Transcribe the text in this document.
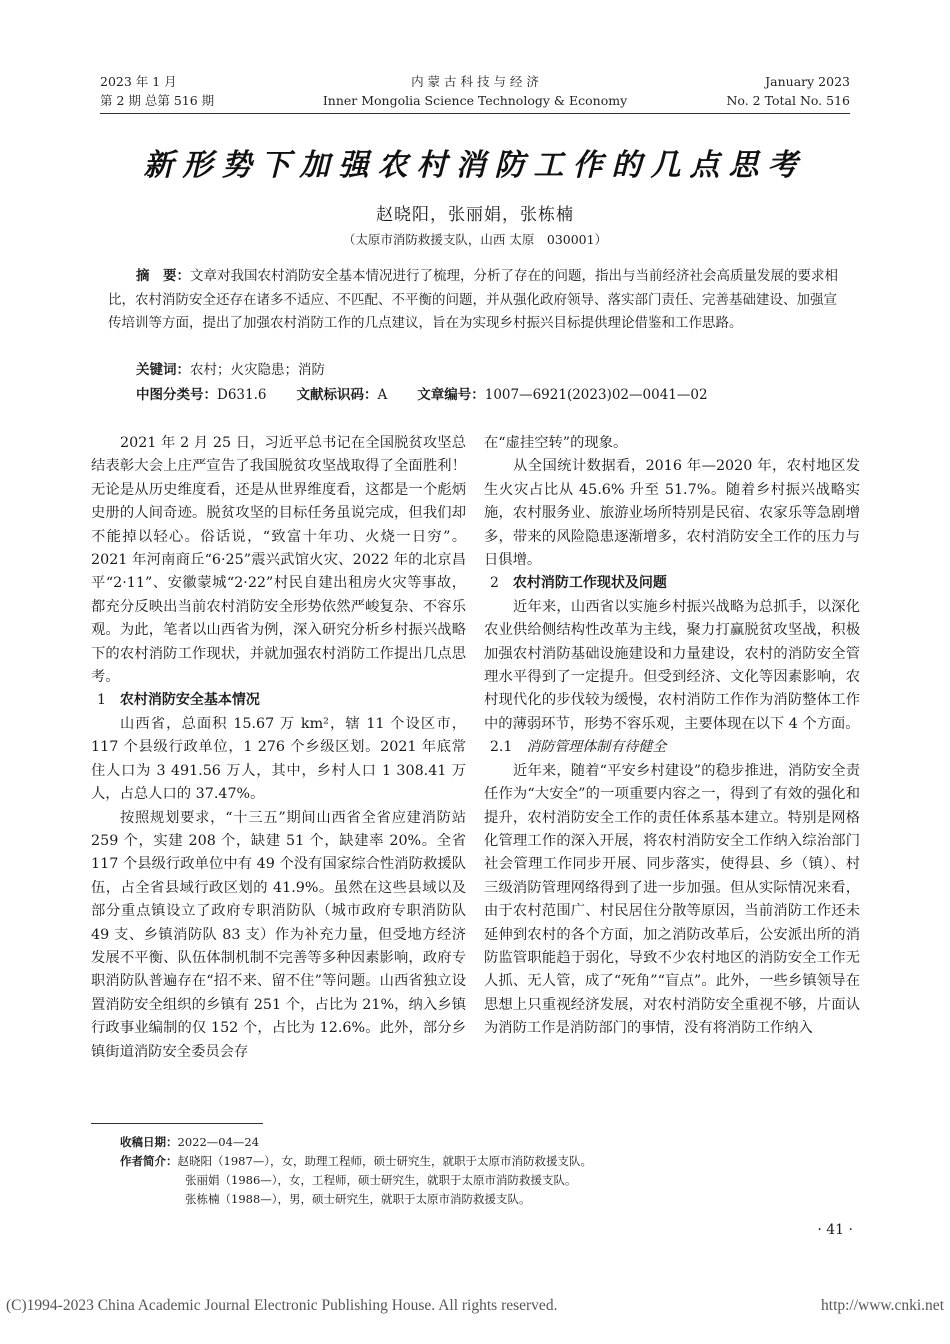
2023 年 1 月
第 2 期 总第 516 期
内 蒙 古 科 技 与 经 济
Inner Mongolia Science Technology & Economy
January 2023
No. 2 Total No. 516
新形势下加强农村消防工作的几点思考
赵晓阳，张丽娟，张栋楠
（太原市消防救援支队，山西 太原　030001）

摘　要：文章对我国农村消防安全基本情况进行了梳理，分析了存在的问题，指出与当前经济社会高质量发展的要求相比，农村消防安全还存在诸多不适应、不匹配、不平衡的问题，并从强化政府领导、落实部门责任、完善基础建设、加强宣传培训等方面，提出了加强农村消防工作的几点建议，旨在为实现乡村振兴目标提供理论借鉴和工作思路。

关键词：农村；火灾隐患；消防
中图分类号：D631.6 文献标识码：A 文章编号：1007—6921(2023)02—0041—02

2021 年 2 月 25 日，习近平总书记在全国脱贫攻坚总结表彰大会上庄严宣告了我国脱贫攻坚战取得了全面胜利！无论是从历史维度看，还是从世界维度看，这都是一个彪炳史册的人间奇迹。脱贫攻坚的目标任务虽说完成，但我们却不能掉以轻心。俗话说，“致富十年功、火烧一日穷”。2021 年河南商丘“6·25”震兴武馆火灾、2022 年的北京昌平“2·11”、安徽蒙城“2·22”村民自建出租房火灾等事故，都充分反映出当前农村消防安全形势依然严峻复杂、不容乐观。为此，笔者以山西省为例，深入研究分析乡村振兴战略下的农村消防工作现状，并就加强农村消防工作提出几点思考。

1 农村消防安全基本情况

山西省，总面积 15.67 万 km²，辖 11 个设区市，117 个县级行政单位，1 276 个乡级区划。2021 年底常住人口为 3 491.56 万人，其中，乡村人口 1 308.41 万人，占总人口的 37.47%。

按照规划要求，“十三五”期间山西省全省应建消防站 259 个，实建 208 个，缺建 51 个，缺建率 20%。全省 117 个县级行政单位中有 49 个没有国家综合性消防救援队伍，占全省县域行政区划的 41.9%。虽然在这些县域以及部分重点镇设立了政府专职消防队（城市政府专职消防队 49 支、乡镇消防队 83 支）作为补充力量，但受地方经济发展不平衡、队伍体制机制不完善等多种因素影响，政府专职消防队普遍存在“招不来、留不住”等问题。山西省独立设置消防安全组织的乡镇有 251 个，占比为 21%，纳入乡镇行政事业编制的仅 152 个，占比为 12.6%。此外，部分乡镇街道消防安全委员会存

在“虚挂空转”的现象。

从全国统计数据看，2016 年—2020 年，农村地区发生火灾占比从 45.6% 升至 51.7%。随着乡村振兴战略实施，农村服务业、旅游业场所特别是民宿、农家乐等急剧增多，带来的风险隐患逐渐增多，农村消防安全工作的压力与日俱增。

2 农村消防工作现状及问题

近年来，山西省以实施乡村振兴战略为总抓手，以深化农业供给侧结构性改革为主线，聚力打赢脱贫攻坚战，积极加强农村消防基础设施建设和力量建设，农村的消防安全管理水平得到了一定提升。但受到经济、文化等因素影响，农村现代化的步伐较为缓慢，农村消防工作作为消防整体工作中的薄弱环节，形势不容乐观，主要体现在以下 4 个方面。

2.1 消防管理体制有待健全

近年来，随着“平安乡村建设”的稳步推进，消防安全责任作为“大安全”的一项重要内容之一，得到了有效的强化和提升，农村消防安全工作的责任体系基本建立。特别是网格化管理工作的深入开展，将农村消防安全工作纳入综治部门社会管理工作同步开展、同步落实，使得县、乡（镇）、村三级消防管理网络得到了进一步加强。但从实际情况来看，由于农村范围广、村民居住分散等原因，当前消防工作还未延伸到农村的各个方面，加之消防改革后，公安派出所的消防监管职能趋于弱化，导致不少农村地区的消防安全工作无人抓、无人管，成了“死角”“盲点”。此外，一些乡镇领导在思想上只重视经济发展，对农村消防安全重视不够，片面认为消防工作是消防部门的事情，没有将消防工作纳入

收稿日期：2022—04—24
作者简介：赵晓阳（1987—），女，助理工程师，硕士研究生，就职于太原市消防救援支队。
张丽娟（1986—），女，工程师，硕士研究生，就职于太原市消防救援支队。
张栋楠（1988—），男，硕士研究生，就职于太原市消防救援支队。
· 41 ·
(C)1994-2023 China Academic Journal Electronic Publishing House. All rights reserved.	http://www.cnki.net
